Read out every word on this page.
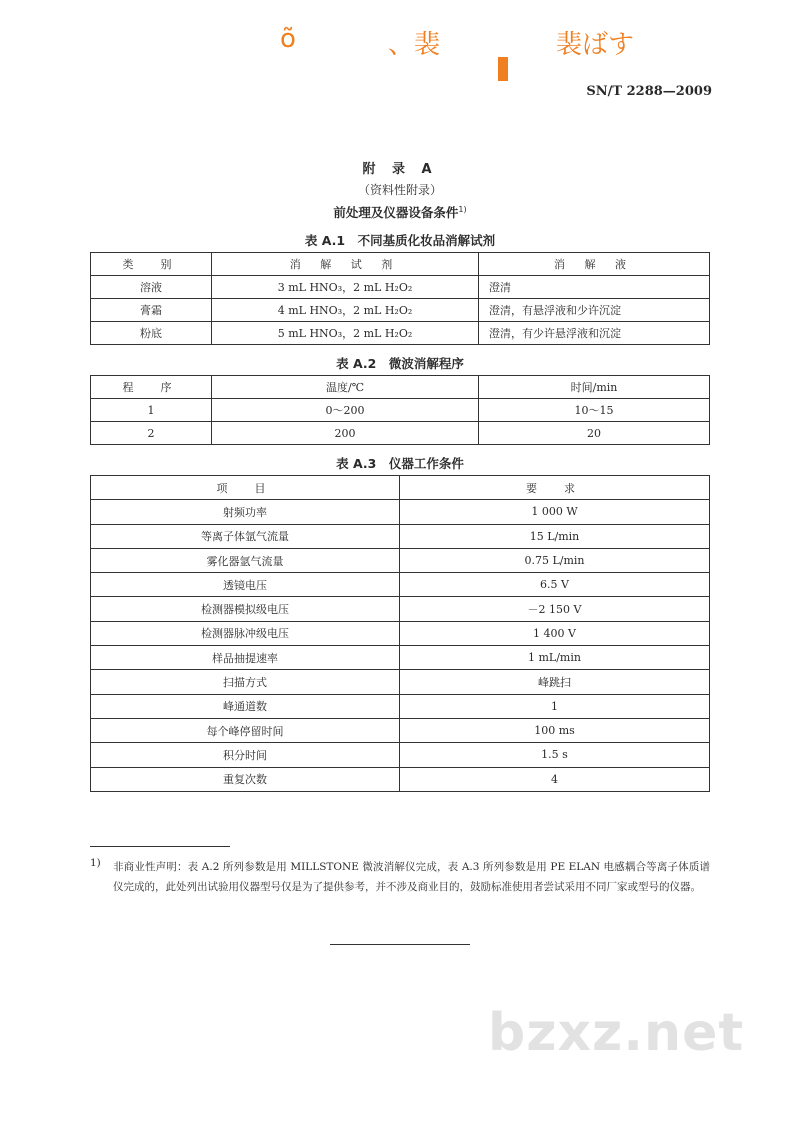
õ	、裴	裴ばす
SN/T 2288—2009
附 录 A
（资料性附录）
前处理及仪器设备条件$^{1)}$
表 A.1　不同基质化妆品消解试剂
类　别	消 解 试 剂	消 解 液
溶液	3 mL HNO₃，2 mL H₂O₂	澄清
膏霜	4 mL HNO₃，2 mL H₂O₂	澄清，有悬浮液和少许沉淀
粉底	5 mL HNO₃，2 mL H₂O₂	澄清，有少许悬浮液和沉淀
表 A.2　微波消解程序
程　序	温度/℃	时间/min
1	0～200	10～15
2	200	20
表 A.3　仪器工作条件
项　目	要　求
射频功率	1 000 W
等离子体氩气流量	15 L/min
雾化器氩气流量	0.75 L/min
透镜电压	6.5 V
检测器模拟级电压	－2 150 V
检测器脉冲级电压	1 400 V
样品抽提速率	1 mL/min
扫描方式	峰跳扫
峰通道数	1
每个峰停留时间	100 ms
积分时间	1.5 s
重复次数	4
1) 非商业性声明：表 A.2 所列参数是用 MILLSTONE 微波消解仪完成，表 A.3 所列参数是用 PE ELAN 电感耦合等离子体质谱仪完成的，此处列出试验用仪器型号仅是为了提供参考，并不涉及商业目的，鼓励标准使用者尝试采用不同厂家或型号的仪器。
bzxz.net
